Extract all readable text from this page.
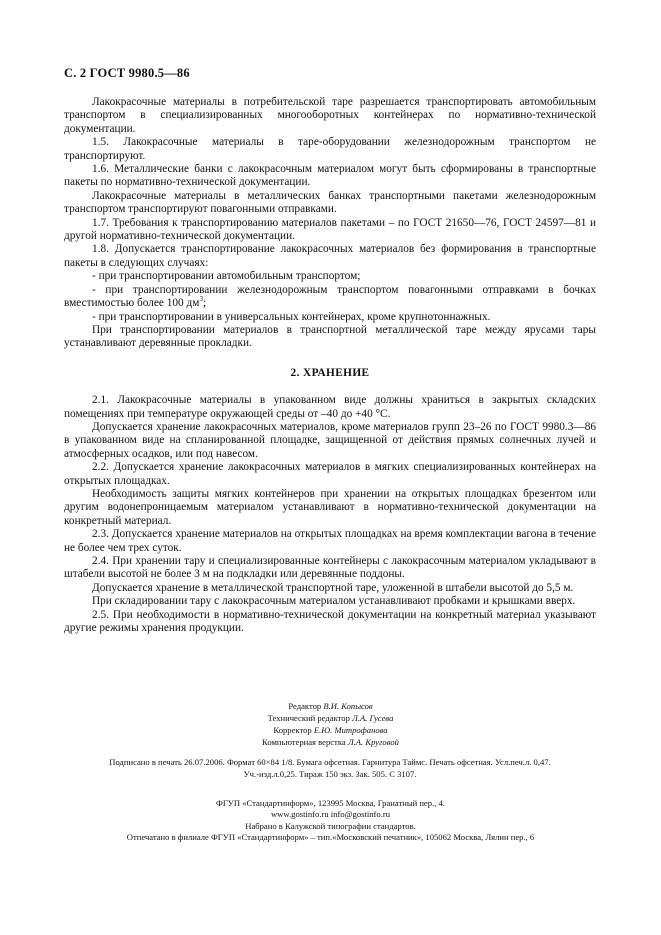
С. 2 ГОСТ 9980.5—86

Лакокрасочные материалы в потребительской таре разрешается транспортировать автомобильным транспортом в специализированных многооборотных контейнерах по нормативно-технической документации.

1.5. Лакокрасочные материалы в таре-оборудовании железнодорожным транспортом не транспортируют.

1.6. Металлические банки с лакокрасочным материалом могут быть сформированы в транспортные пакеты по нормативно-технической документации.

Лакокрасочные материалы в металлических банках транспортными пакетами железнодорожным транспортом транспортируют повагонными отправками.

1.7. Требования к транспортированию материалов пакетами – по ГОСТ 21650—76, ГОСТ 24597—81 и другой нормативно-технической документации.

1.8. Допускается транспортирование лакокрасочных материалов без формирования в транспортные пакеты в следующих случаях:

- при транспортировании автомобильным транспортом;

- при транспортировании железнодорожным транспортом повагонными отправками в бочках вместимостью более 100 $дм^3$;

- при транспортировании в универсальных контейнерах, кроме крупнотоннажных.

При транспортировании материалов в транспортной металлической таре между ярусами тары устанавливают деревянные прокладки.

2. ХРАНЕНИЕ

2.1. Лакокрасочные материалы в упакованном виде должны храниться в закрытых складских помещениях при температуре окружающей среды от –40 до +40 °С.

Допускается хранение лакокрасочных материалов, кроме материалов групп 23–26 по ГОСТ 9980.3—86 в упакованном виде на спланированной площадке, защищенной от действия прямых солнечных лучей и атмосферных осадков, или под навесом.

2.2. Допускается хранение лакокрасочных материалов в мягких специализированных контейнерах на открытых площадках.

Необходимость защиты мягких контейнеров при хранении на открытых площадках брезентом или другим водонепроницаемым материалом устанавливают в нормативно-технической документации на конкретный материал.

2.3. Допускается хранение материалов на открытых площадках на время комплектации вагона в течение не более чем трех суток.

2.4. При хранении тару и специализированные контейнеры с лакокрасочным материалом укладывают в штабели высотой не более 3 м на подкладки или деревянные поддоны.

Допускается хранение в металлической транспортной таре, уложенной в штабели высотой до 5,5 м.

При складировании тару с лакокрасочным материалом устанавливают пробками и крышками вверх.

2.5. При необходимости в нормативно-технической документации на конкретный материал указывают другие режимы хранения продукции.

Редактор В.И. Копысов
Технический редактор Л.А. Гусева
Корректор Е.Ю. Митрофанова
Компьютерная верстка Л.А. Круговой
Подписано в печать 26.07.2006. Формат 60×84 1/8. Бумага офсетная. Гарнитура Таймс. Печать офсетная. Усл.печ.л. 0,47.
Уч.-изд.л.0,25. Тираж 150 экз. Зак. 505. С 3107.
ФГУП «Стандартинформ», 123995 Москва, Гранатный пер., 4.
www.gostinfo.ru info@gostinfo.ru
Набрано в Калужской типографии стандартов.
Отпечатано в филиале ФГУП «Стандартинформ» – тип.«Московский печатник», 105062 Москва, Лялин пер., 6
